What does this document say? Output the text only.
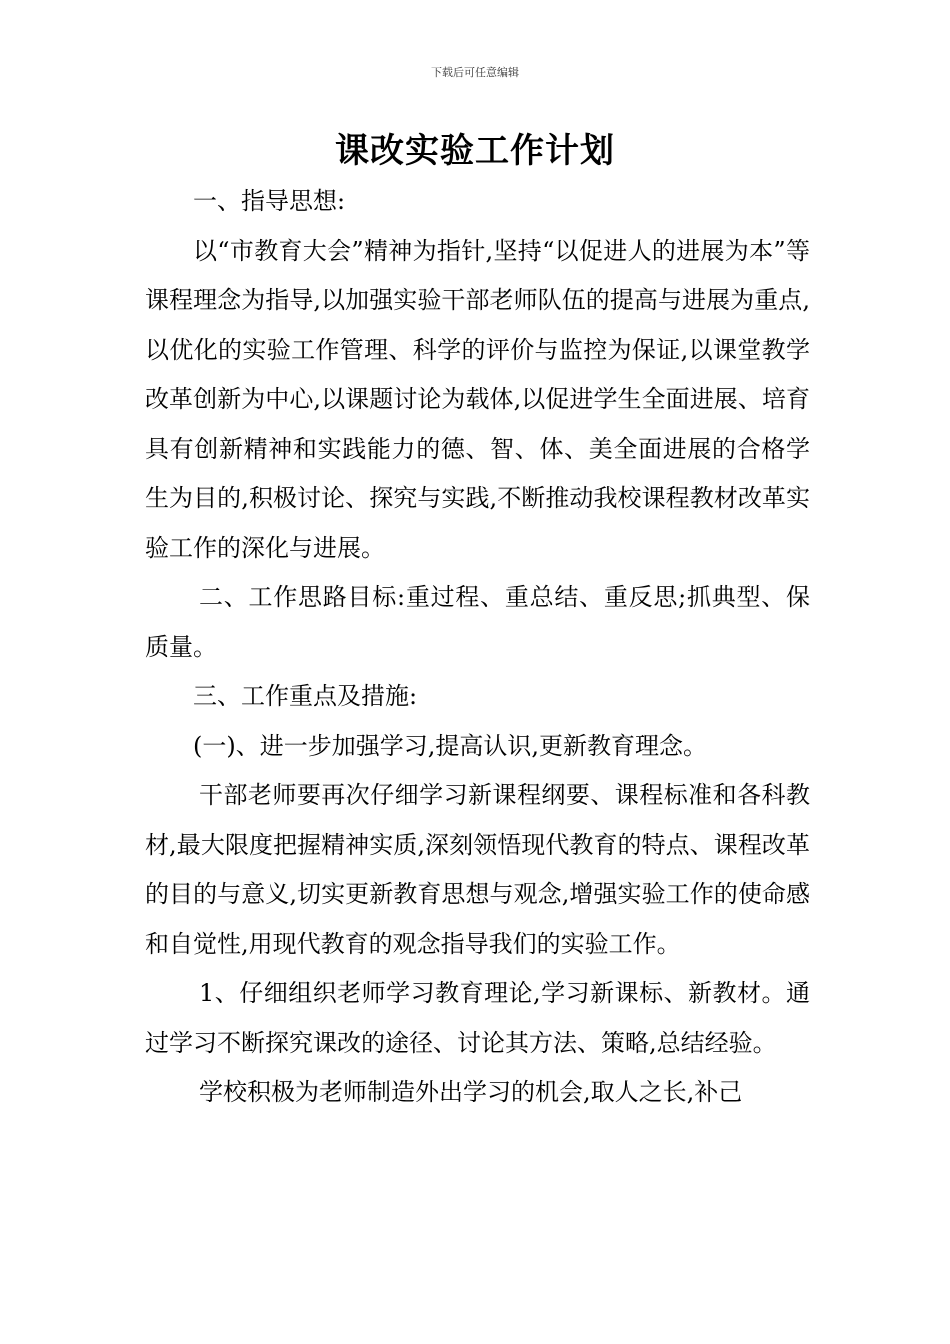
下载后可任意编辑
课改实验工作计划

一、指导思想:

以“市教育大会”精神为指针,坚持“以促进人的进展为本”等课程理念为指导,以加强实验干部老师队伍的提高与进展为重点,以优化的实验工作管理、科学的评价与监控为保证,以课堂教学改革创新为中心,以课题讨论为载体,以促进学生全面进展、培育具有创新精神和实践能力的德、智、体、美全面进展的合格学生为目的,积极讨论、探究与实践,不断推动我校课程教材改革实验工作的深化与进展。

二、工作思路目标:重过程、重总结、重反思;抓典型、保质量。

三、工作重点及措施:

(一)、进一步加强学习,提高认识,更新教育理念。

干部老师要再次仔细学习新课程纲要、课程标准和各科教材,最大限度把握精神实质,深刻领悟现代教育的特点、课程改革的目的与意义,切实更新教育思想与观念,增强实验工作的使命感和自觉性,用现代教育的观念指导我们的实验工作。

1、仔细组织老师学习教育理论,学习新课标、新教材。通过学习不断探究课改的途径、讨论其方法、策略,总结经验。

学校积极为老师制造外出学习的机会,取人之长,补己
